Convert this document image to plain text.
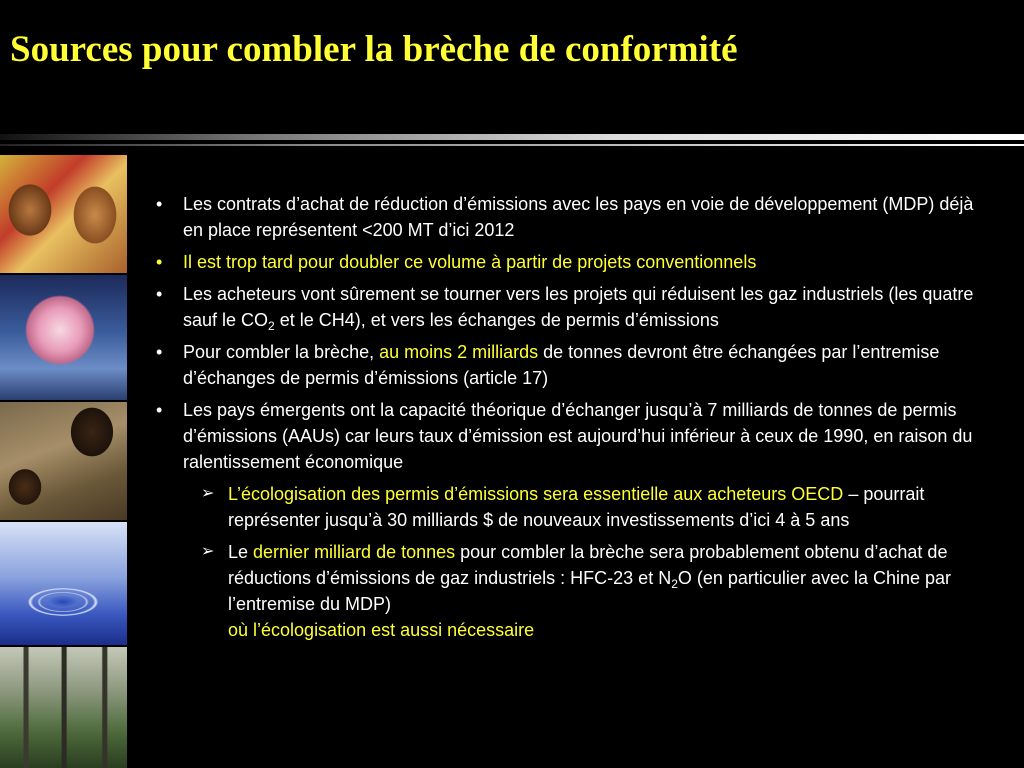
Sources pour combler la brèche de conformité
• Les contrats d’achat de réduction d’émissions avec les pays en voie de développement (MDP) déjà en place représentent <200 MT d’ici 2012
• Il est trop tard pour doubler ce volume à partir de projets conventionnels
• Les acheteurs vont sûrement se tourner vers les projets qui réduisent les gaz industriels (les quatre sauf le $CO_2$ et le CH4), et vers les échanges de permis d’émissions
• Pour combler la brèche, au moins 2 milliards de tonnes devront être échangées par l’entremise d’échanges de permis d’émissions (article 17)
• Les pays émergents ont la capacité théorique d’échanger jusqu’à 7 milliards de tonnes de permis d’émissions (AAUs) car leurs taux d’émission est aujourd’hui inférieur à ceux de 1990, en raison du ralentissement économique
➢ L’écologisation des permis d’émissions sera essentielle aux acheteurs OECD – pourrait représenter jusqu’à 30 milliards $ de nouveaux investissements d’ici 4 à 5 ans
➢ Le dernier milliard de tonnes pour combler la brèche sera probablement obtenu d’achat de réductions d’émissions de gaz industriels : HFC-23 et $N_2O$ (en particulier avec la Chine par l’entremise du MDP)
où l’écologisation est aussi nécessaire
